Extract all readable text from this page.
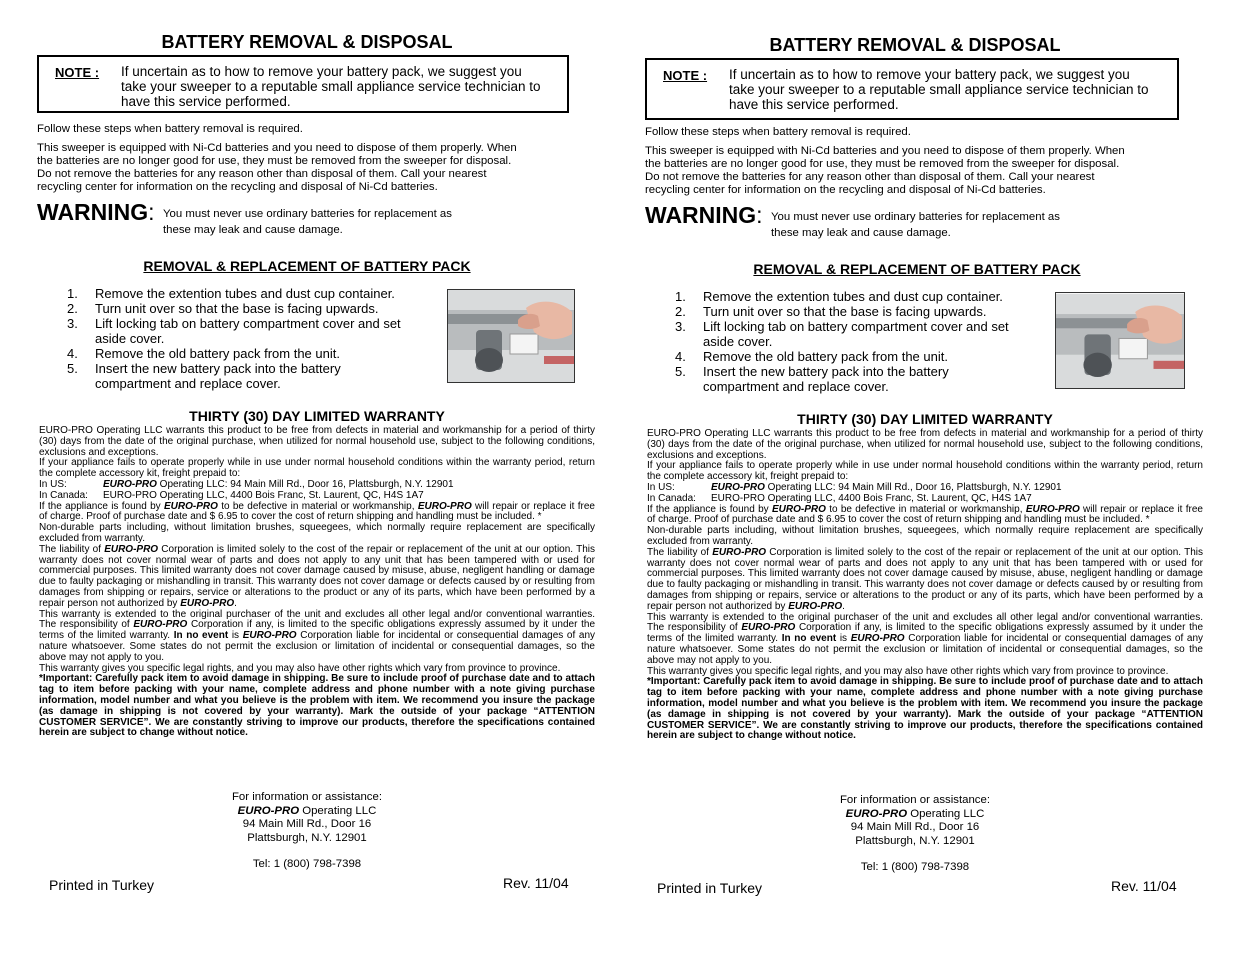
BATTERY REMOVAL & DISPOSAL
NOTE : If uncertain as to how to remove your battery pack, we suggest you
take your sweeper to a reputable small appliance service technician to
have this service performed.
Follow these steps when battery removal is required.
This sweeper is equipped with Ni-Cd batteries and you need to dispose of them properly. When
the batteries are no longer good for use, they must be removed from the sweeper for disposal.
Do not remove the batteries for any reason other than disposal of them. Call your nearest
recycling center for information on the recycling and disposal of Ni-Cd batteries.
WARNING: You must never use ordinary batteries for replacement as
these may leak and cause damage.
REMOVAL & REPLACEMENT OF BATTERY PACK
1. Remove the extention tubes and dust cup container.
2. Turn unit over so that the base is facing upwards.
3. Lift locking tab on battery compartment cover and set
aside cover.
4. Remove the old battery pack from the unit.
5. Insert the new battery pack into the battery
compartment and replace cover.
THIRTY (30) DAY LIMITED WARRANTY

EURO-PRO Operating LLC warrants this product to be free from defects in material and workmanship for a period of thirty (30) days from the date of the original purchase, when utilized for normal household use, subject to the following conditions, exclusions and exceptions.

If your appliance fails to operate properly while in use under normal household conditions within the warranty period, return the complete accessory kit, freight prepaid to:

In US:	EURO-PRO Operating LLC: 94 Main Mill Rd., Door 16, Plattsburgh, N.Y. 12901

In Canada: EURO-PRO Operating LLC, 4400 Bois Franc, St. Laurent, QC, H4S 1A7

If the appliance is found by EURO-PRO to be defective in material or workmanship, EURO-PRO will repair or replace it free of charge. Proof of purchase date and $ 6.95 to cover the cost of return shipping and handling must be included. *

Non-durable parts including, without limitation brushes, squeegees, which normally require replacement are specifically excluded from warranty.

The liability of EURO-PRO Corporation is limited solely to the cost of the repair or replacement of the unit at our option. This warranty does not cover normal wear of parts and does not apply to any unit that has been tampered with or used for commercial purposes. This limited warranty does not cover damage caused by misuse, abuse, negligent handling or damage due to faulty packaging or mishandling in transit. This warranty does not cover damage or defects caused by or resulting from damages from shipping or repairs, service or alterations to the product or any of its parts, which have been performed by a repair person not authorized by EURO-PRO.

This warranty is extended to the original purchaser of the unit and excludes all other legal and/or conventional warranties. The responsibility of EURO-PRO Corporation if any, is limited to the specific obligations expressly assumed by it under the terms of the limited warranty. In no event is EURO-PRO Corporation liable for incidental or consequential damages of any nature whatsoever. Some states do not permit the exclusion or limitation of incidental or consequential damages, so the above may not apply to you.

This warranty gives you specific legal rights, and you may also have other rights which vary from province to province.

*Important: Carefully pack item to avoid damage in shipping. Be sure to include proof of purchase date and to attach tag to item before packing with your name, complete address and phone number with a note giving purchase information, model number and what you believe is the problem with item. We recommend you insure the package (as damage in shipping is not covered by your warranty). Mark the outside of your package “ATTENTION CUSTOMER SERVICE”. We are constantly striving to improve our products, therefore the specifications contained herein are subject to change without notice.

For information or assistance:
EURO-PRO Operating LLC
94 Main Mill Rd., Door 16
Plattsburgh, N.Y. 12901
Tel: 1 (800) 798-7398
Printed in Turkey	Rev. 11/04
BATTERY REMOVAL & DISPOSAL
NOTE : If uncertain as to how to remove your battery pack, we suggest you
take your sweeper to a reputable small appliance service technician to
have this service performed.
Follow these steps when battery removal is required.
This sweeper is equipped with Ni-Cd batteries and you need to dispose of them properly. When
the batteries are no longer good for use, they must be removed from the sweeper for disposal.
Do not remove the batteries for any reason other than disposal of them. Call your nearest
recycling center for information on the recycling and disposal of Ni-Cd batteries.
WARNING: You must never use ordinary batteries for replacement as
these may leak and cause damage.
REMOVAL & REPLACEMENT OF BATTERY PACK
1. Remove the extention tubes and dust cup container.
2. Turn unit over so that the base is facing upwards.
3. Lift locking tab on battery compartment cover and set
aside cover.
4. Remove the old battery pack from the unit.
5. Insert the new battery pack into the battery
compartment and replace cover.
THIRTY (30) DAY LIMITED WARRANTY

EURO-PRO Operating LLC warrants this product to be free from defects in material and workmanship for a period of thirty (30) days from the date of the original purchase, when utilized for normal household use, subject to the following conditions, exclusions and exceptions.

If your appliance fails to operate properly while in use under normal household conditions within the warranty period, return the complete accessory kit, freight prepaid to:

In US:	EURO-PRO Operating LLC: 94 Main Mill Rd., Door 16, Plattsburgh, N.Y. 12901

In Canada: EURO-PRO Operating LLC, 4400 Bois Franc, St. Laurent, QC, H4S 1A7

If the appliance is found by EURO-PRO to be defective in material or workmanship, EURO-PRO will repair or replace it free of charge. Proof of purchase date and $ 6.95 to cover the cost of return shipping and handling must be included. *

Non-durable parts including, without limitation brushes, squeegees, which normally require replacement are specifically excluded from warranty.

The liability of EURO-PRO Corporation is limited solely to the cost of the repair or replacement of the unit at our option. This warranty does not cover normal wear of parts and does not apply to any unit that has been tampered with or used for commercial purposes. This limited warranty does not cover damage caused by misuse, abuse, negligent handling or damage due to faulty packaging or mishandling in transit. This warranty does not cover damage or defects caused by or resulting from damages from shipping or repairs, service or alterations to the product or any of its parts, which have been performed by a repair person not authorized by EURO-PRO.

This warranty is extended to the original purchaser of the unit and excludes all other legal and/or conventional warranties. The responsibility of EURO-PRO Corporation if any, is limited to the specific obligations expressly assumed by it under the terms of the limited warranty. In no event is EURO-PRO Corporation liable for incidental or consequential damages of any nature whatsoever. Some states do not permit the exclusion or limitation of incidental or consequential damages, so the above may not apply to you.

This warranty gives you specific legal rights, and you may also have other rights which vary from province to province.

*Important: Carefully pack item to avoid damage in shipping. Be sure to include proof of purchase date and to attach tag to item before packing with your name, complete address and phone number with a note giving purchase information, model number and what you believe is the problem with item. We recommend you insure the package (as damage in shipping is not covered by your warranty). Mark the outside of your package “ATTENTION CUSTOMER SERVICE”. We are constantly striving to improve our products, therefore the specifications contained herein are subject to change without notice.

For information or assistance:
EURO-PRO Operating LLC
94 Main Mill Rd., Door 16
Plattsburgh, N.Y. 12901
Tel: 1 (800) 798-7398
Printed in Turkey	Rev. 11/04
